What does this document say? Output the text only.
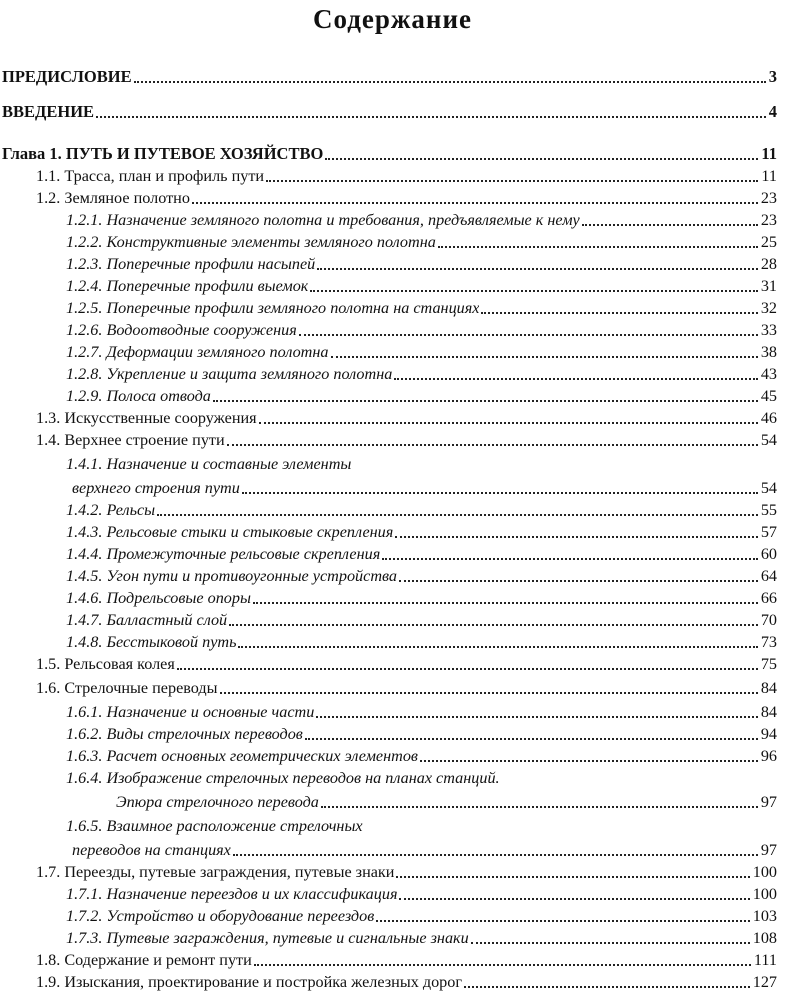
Содержание
ПРЕДИСЛОВИЕ	3
ВВЕДЕНИЕ	4
Глава 1. ПУТЬ И ПУТЕВОЕ ХОЗЯЙСТВО	11
1.1. Трасса, план и профиль пути	11
1.2. Земляное полотно	23
1.2.1. Назначение земляного полотна и требования, предъявляемые к нему	23
1.2.2. Конструктивные элементы земляного полотна	25
1.2.3. Поперечные профили насыпей	28
1.2.4. Поперечные профили выемок	31
1.2.5. Поперечные профили земляного полотна на станциях	32
1.2.6. Водоотводные сооружения	33
1.2.7. Деформации земляного полотна	38
1.2.8. Укрепление и защита земляного полотна	43
1.2.9. Полоса отвода	45
1.3. Искусственные сооружения	46
1.4. Верхнее строение пути	54
1.4.1. Назначение и составные элементы
верхнего строения пути	54
1.4.2. Рельсы	55
1.4.3. Рельсовые стыки и стыковые скрепления	57
1.4.4. Промежуточные рельсовые скрепления	60
1.4.5. Угон пути и противоугонные устройства	64
1.4.6. Подрельсовые опоры	66
1.4.7. Балластный слой	70
1.4.8. Бесстыковой путь	73
1.5. Рельсовая колея	75
1.6. Стрелочные переводы	84
1.6.1. Назначение и основные части	84
1.6.2. Виды стрелочных переводов	94
1.6.3. Расчет основных геометрических элементов	96
1.6.4. Изображение стрелочных переводов на планах станций.
Эпюра стрелочного перевода	97
1.6.5. Взаимное расположение стрелочных
переводов на станциях	97
1.7. Переезды, путевые заграждения, путевые знаки	100
1.7.1. Назначение переездов и их классификация	100
1.7.2. Устройство и оборудование переездов	103
1.7.3. Путевые заграждения, путевые и сигнальные знаки	108
1.8. Содержание и ремонт пути	111
1.9. Изыскания, проектирование и постройка железных дорог	127
